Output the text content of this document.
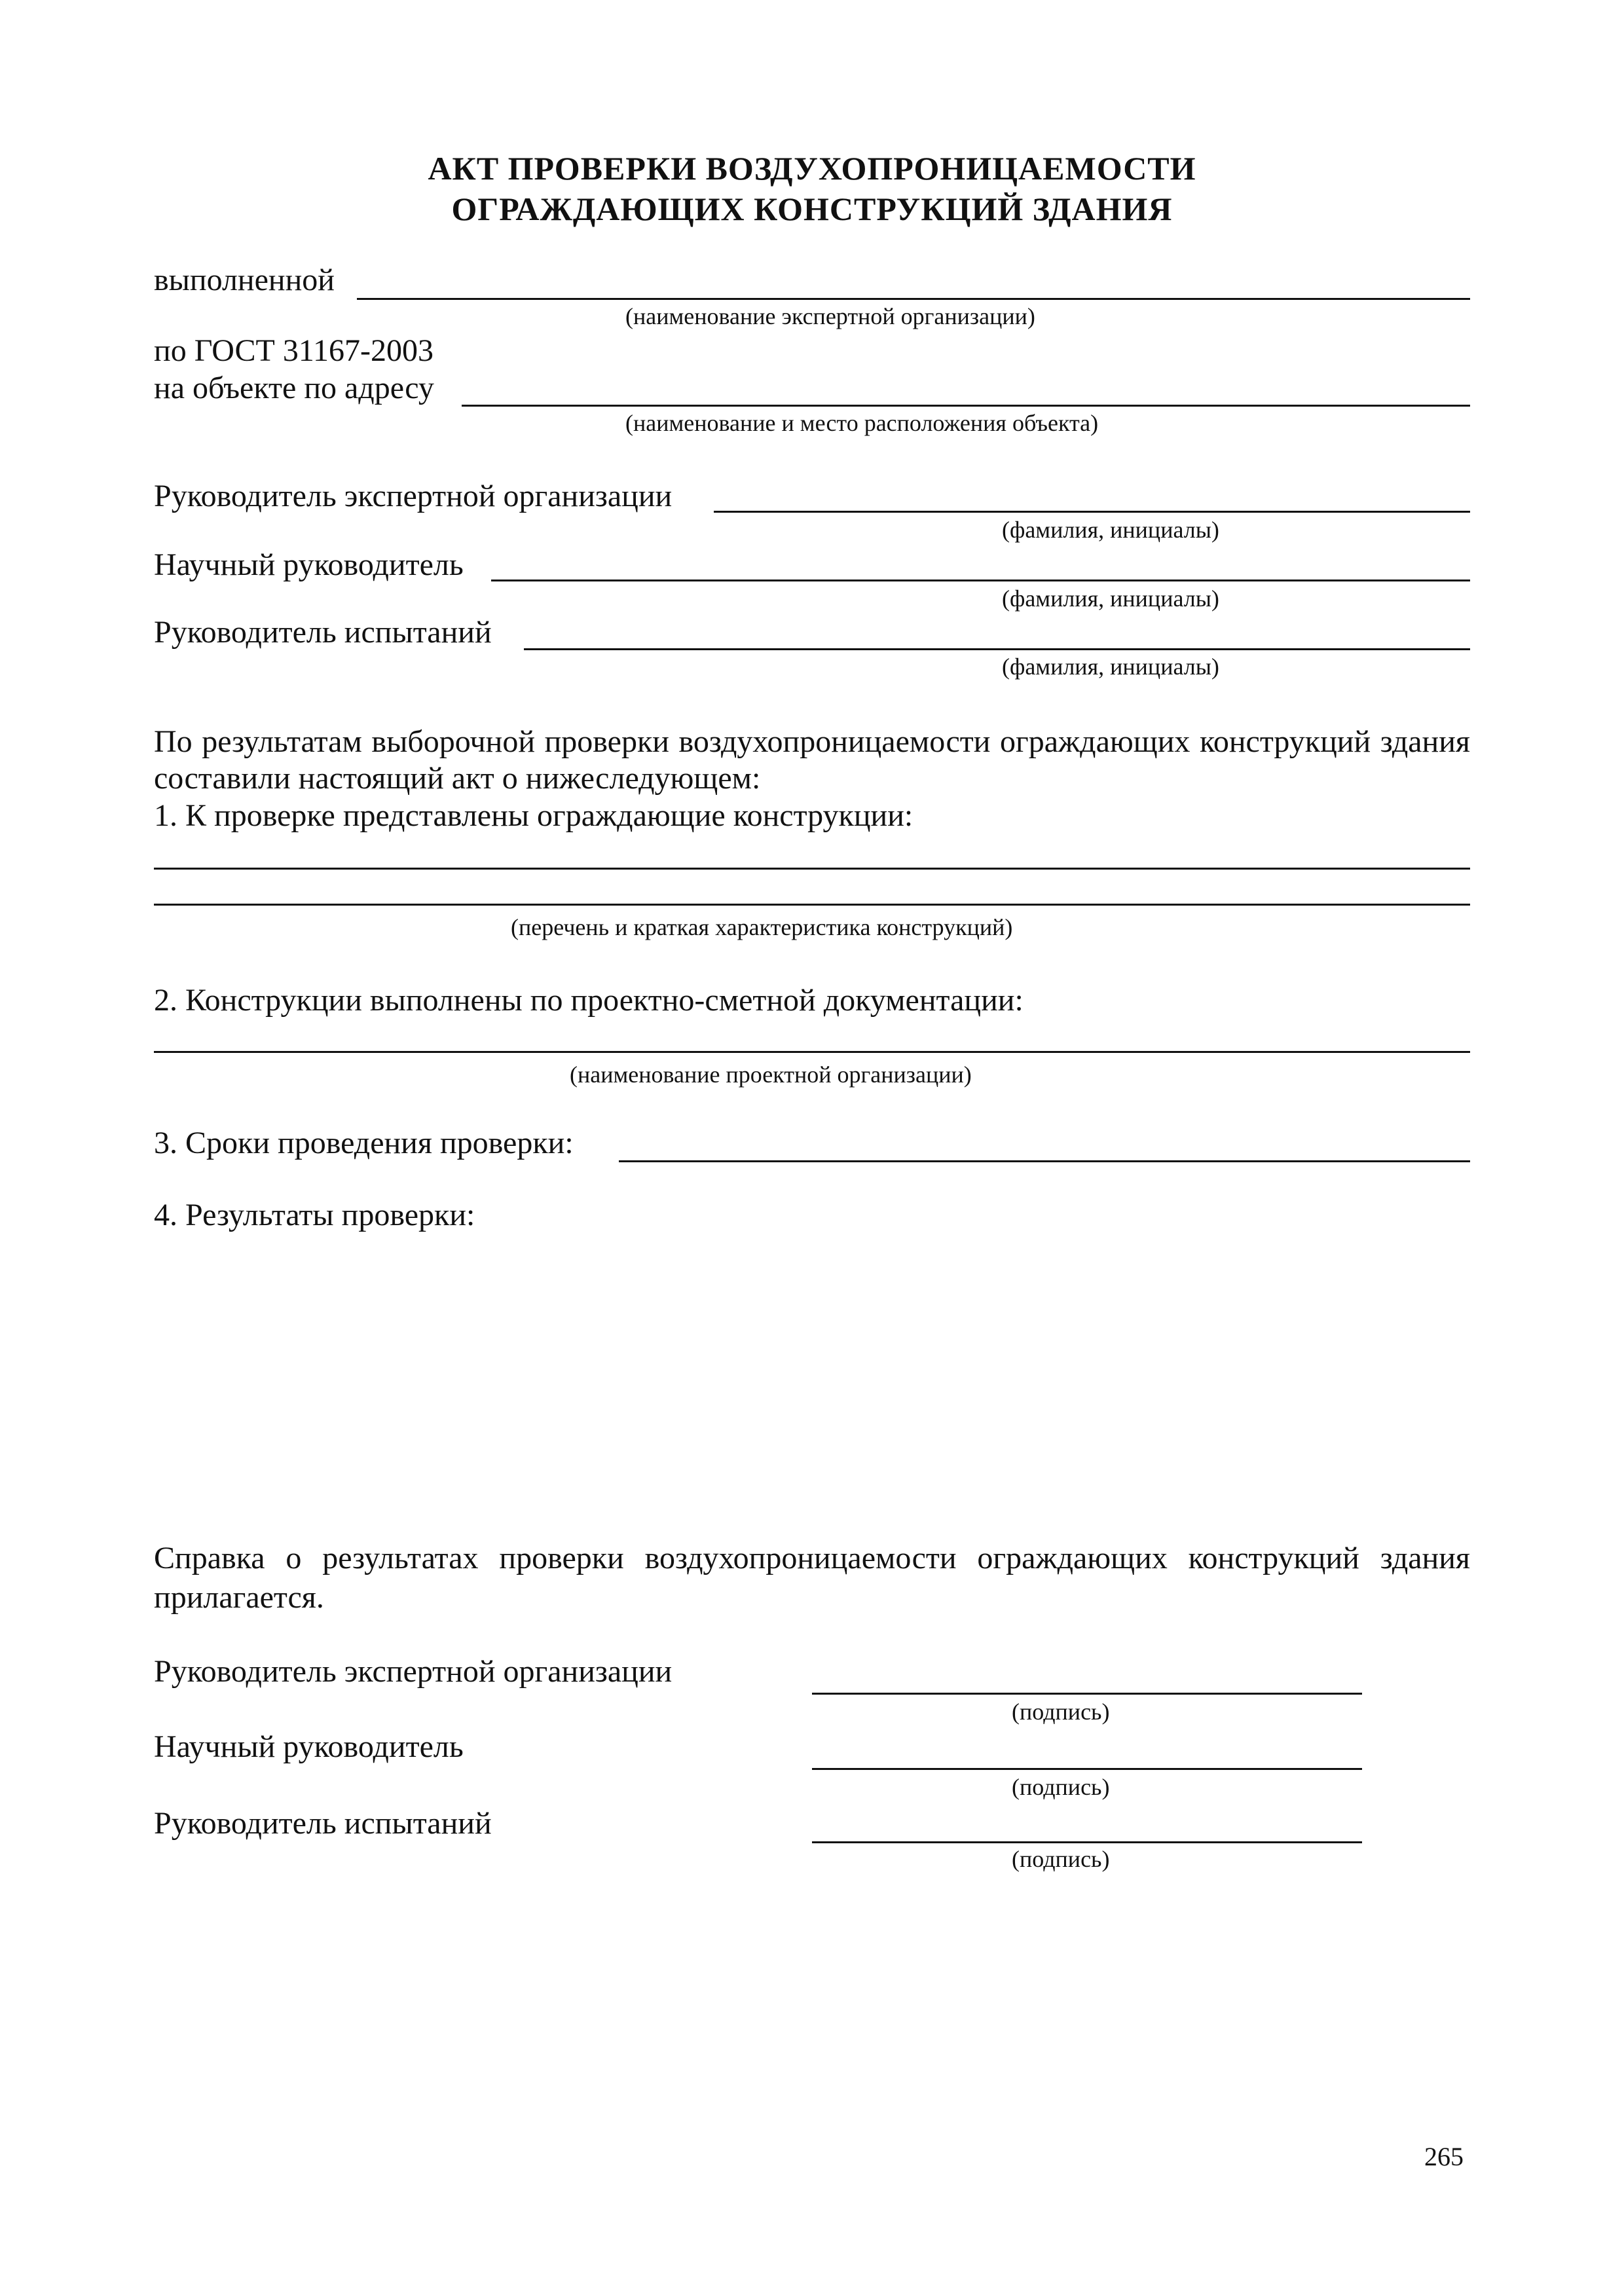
АКТ ПРОВЕРКИ ВОЗДУХОПРОНИЦАЕМОСТИ
ОГРАЖДАЮЩИХ КОНСТРУКЦИЙ ЗДАНИЯ
выполненной
(наименование экспертной организации)
по ГОСТ 31167-2003
на объекте по адресу
(наименование и место расположения объекта)
Руководитель экспертной организации
(фамилия, инициалы)
Научный руководитель
(фамилия, инициалы)
Руководитель испытаний
(фамилия, инициалы)
По результатам выборочной проверки воздухопроницаемости ограждающих конструкций здания составили настоящий акт о нижеследующем:
1. К проверке представлены ограждающие конструкции:
(перечень и краткая характеристика конструкций)
2. Конструкции выполнены по проектно-сметной документации:
(наименование проектной организации)
3. Сроки проведения проверки:
4. Результаты проверки:
Справка о результатах проверки воздухопроницаемости ограждающих конструкций здания прилагается.
Руководитель экспертной организации
(подпись)
Научный руководитель
(подпись)
Руководитель испытаний
(подпись)
265
